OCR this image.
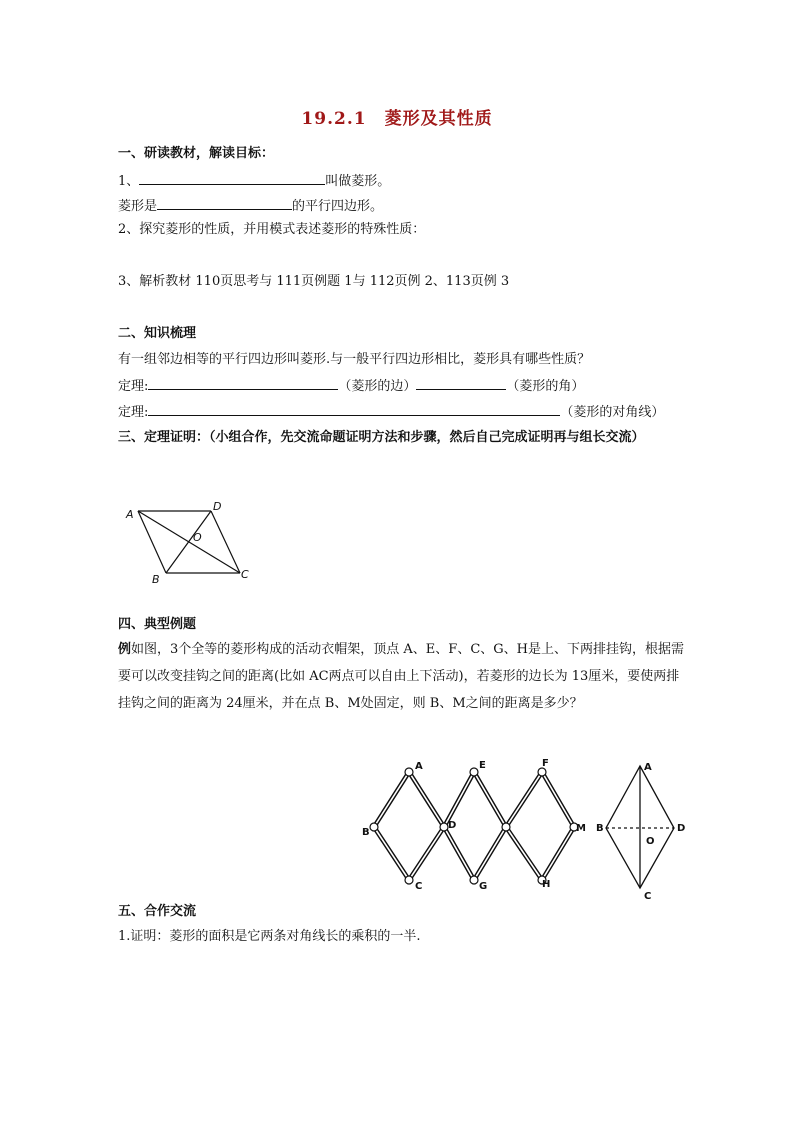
19.2.1　菱形及其性质
一、研读教材，解读目标：
1、	叫做菱形。
菱形是	的平行四边形。
2、探究菱形的性质，并用模式表述菱形的特殊性质：
3、解析教材 110页思考与 111页例题 1与 112页例 2、113页例 3
二、知识梳理
有一组邻边相等的平行四边形叫菱形.与一般平行四边形相比，菱形具有哪些性质？
定理:	（菱形的边）	（菱形的角）
定理:	（菱形的对角线）
三、定理证明：（小组合作，先交流命题证明方法和步骤，然后自己完成证明再与组长交流）
A
D
O
B	C
四、典型例题
例如图，3个全等的菱形构成的活动衣帽架，顶点 A、E、F、C、G、H是上、下两排挂钩，根据需要可以改变挂钩之间的距离(比如 AC两点可以自由上下活动)，若菱形的边长为 13厘米，要使两排挂钩之间的距离为 24厘米，并在点 B、M处固定，则 B、M之间的距离是多少？
A	E	F
B
D	M
C	G	H
A
B	D
O
C
五、合作交流
1.证明：菱形的面积是它两条对角线长的乘积的一半.
